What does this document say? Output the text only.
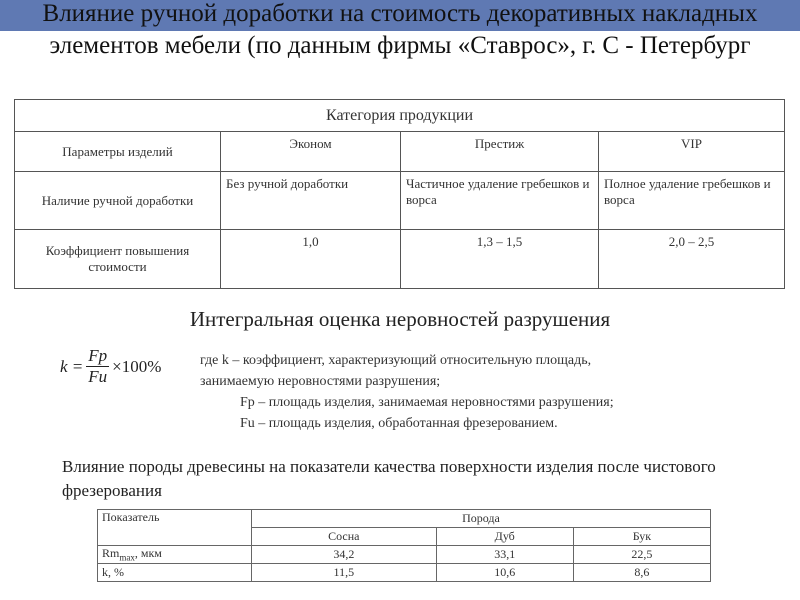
Влияние ручной доработки на стоимость декоративных накладных элементов мебели (по данным фирмы «Ставрос», г. С - Петербург
Категория продукции			
Параметры изделий	Эконом	Престиж	VIP
Наличие ручной доработки	Без ручной доработки	Частичное удаление гребешков и ворса	Полное удаление гребешков и ворса
Коэффициент повышения стоимости	1,0	1,3 – 1,5	2,0 – 2,5
Интегральная оценка неровностей разрушения
$k = \frac{Fp}{Fu} \times 100\%$	где k – коэффициент, характеризующий относительную площадь,
занимаемую неровностями разрушения;
Fp – площадь изделия, занимаемая неровностями разрушения;
Fu – площадь изделия, обработанная фрезерованием.
Влияние породы древесины на показатели качества поверхности изделия после чистового фрезерования
Показатель	Порода		
	Сосна	Дуб	Бук
$Rm_{max}$, мкм	34,2	33,1	22,5
k, %	11,5	10,6	8,6
